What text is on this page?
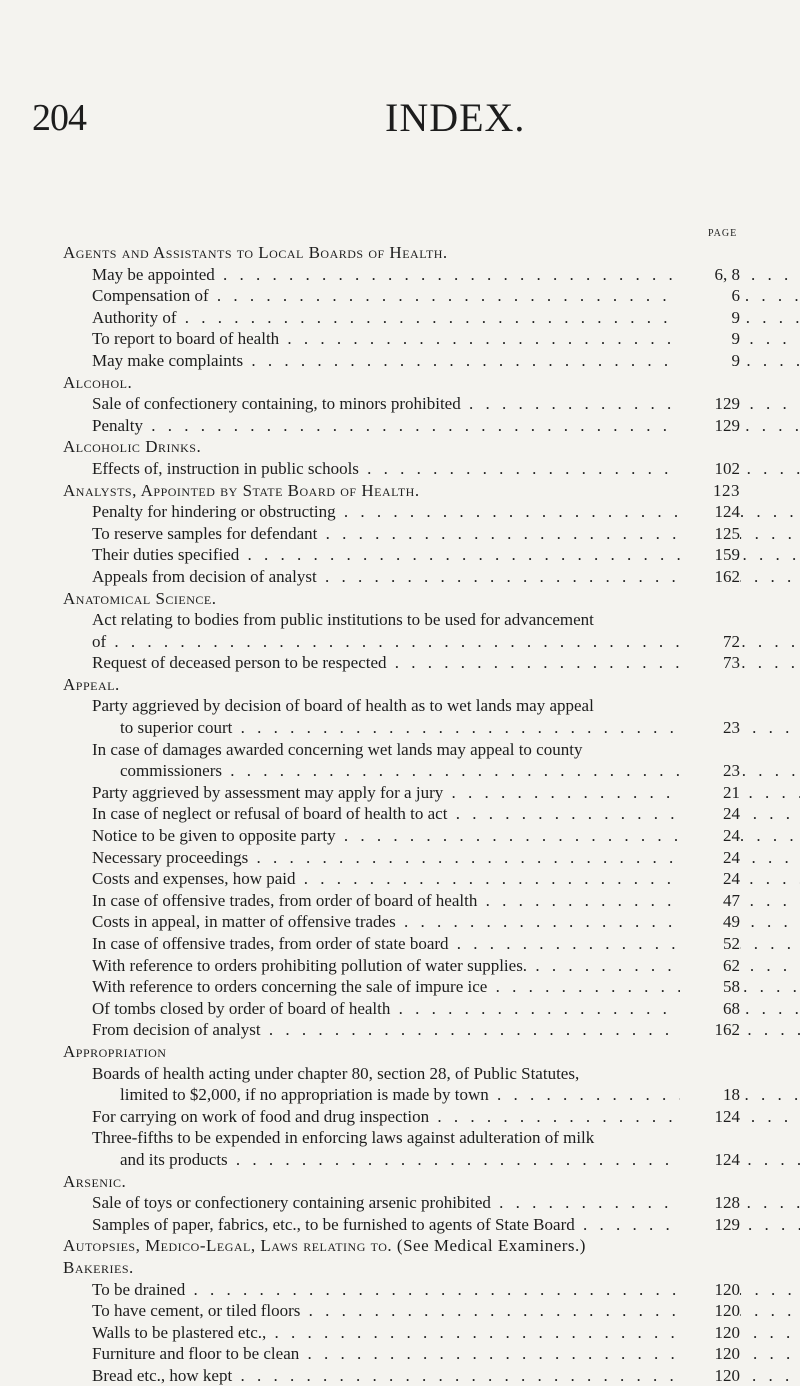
204	INDEX.
PAGE
Agents and Assistants to Local Boards of Health.
May be appointed	6, 8
. . .
Compensation of	6
. . .
Authority of	9
. . .
To report to board of health	9
. . .
May make complaints	9
. . .
Alcohol.
Sale of confectionery containing, to minors prohibited	129
. . .
Penalty	129
. . .
Alcoholic Drinks.
Effects of, instruction in public schools	102
. . .
Analysts, Appointed by State Board of Health.	123
Penalty for hindering or obstructing	124
. . .
To reserve samples for defendant	125
. . .
Their duties specified	159
. . .
Appeals from decision of analyst	162
. . .
Anatomical Science.
Act relating to bodies from public institutions to be used for advancement
of	72
. . .
Request of deceased person to be respected	73
. . .
Appeal.
Party aggrieved by decision of board of health as to wet lands may appeal
to superior court	23
. . .
In case of damages awarded concerning wet lands may appeal to county
commissioners	23
. . .
Party aggrieved by assessment may apply for a jury	21
. . .
In case of neglect or refusal of board of health to act	24
. . .
Notice to be given to opposite party	24
. . .
Necessary proceedings	24
. . .
Costs and expenses, how paid	24
. . .
In case of offensive trades, from order of board of health	47
. . .
Costs in appeal, in matter of offensive trades	49
. . .
In case of offensive trades, from order of state board	52
. . .
With reference to orders prohibiting pollution of water supplies.	62
. . .
With reference to orders concerning the sale of impure ice	58
. . .
Of tombs closed by order of board of health	68
. . .
From decision of analyst	162
. . .
Appropriation
Boards of health acting under chapter 80, section 28, of Public Statutes,
limited to $2,000, if no appropriation is made by town	18
. . .
For carrying on work of food and drug inspection	124
. . .
Three-fifths to be expended in enforcing laws against adulteration of milk
and its products	124
. . .
Arsenic.
Sale of toys or confectionery containing arsenic prohibited	128
. . .
Samples of paper, fabrics, etc., to be furnished to agents of State Board	129
. . .
Autopsies, Medico-Legal, Laws relating to. (See Medical Examiners.)
Bakeries.
To be drained	120
. . .
To have cement, or tiled floors	120
. . .
Walls to be plastered etc.,	120
. . .
Furniture and floor to be clean	120
. . .
Bread etc., how kept	120
. . .
